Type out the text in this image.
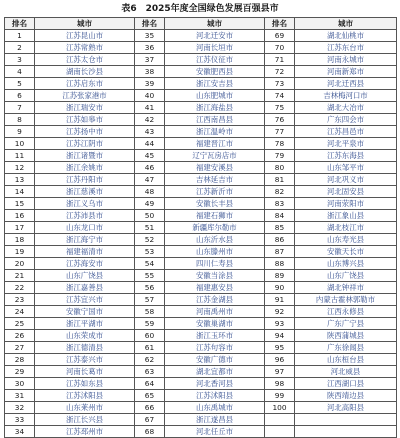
表6　2025年度全国绿色发展百强县市
排名	城市	排名	城市	排名	城市
1	江苏昆山市	35	河北迁安市	69	湖北仙桃市
2	江苏常熟市	36	河南长垣市	70	江苏东台市
3	江苏太仓市	37	江苏仪征市	71	河南永城市
4	湖南长沙县	38	安徽肥西县	72	河南新郑市
5	江苏启东市	39	浙江安吉县	73	河北迁西县
6	江苏张家港市	40	山东肥城市	74	吉林梅河口市
7	浙江瑞安市	41	浙江海盐县	75	湖北大冶市
8	江苏如皋市	42	江西南昌县	76	广东四会市
9	江苏扬中市	43	浙江温岭市	77	江苏昌邑市
10	江苏江阴市	44	福建晋江市	78	河北平泉市
11	浙江诸暨市	45	辽宁瓦房店市	79	江苏东海县
12	浙江余姚市	46	福建安溪县	80	山东邹平市
13	江苏丹阳市	47	吉林延吉市	81	河北巩义市
14	浙江慈溪市	48	江苏新沂市	82	河北固安县
15	浙江义乌市	49	安徽长丰县	83	河南荥阳市
16	江苏沛县市	50	福建石狮市	84	浙江象山县
17	山东龙口市	51	新疆库尔勒市	85	湖北枝江市
18	浙江海宁市	52	山东沂水县	86	山东寿光县
19	福建福清市	53	山东滕州市	87	安徽天长市
20	江苏海安市	54	四川仁寿县	88	山东博兴县
21	山东广饶县	55	安徽当涂县	89	山东广饶县
22	浙江嘉善县	56	福建惠安县	90	湖北钟祥市
23	江苏宜兴市	57	江苏金湖县	91	内蒙古霍林郭勒市
24	安徽宁国市	58	河南禹州市	92	江西永修县
25	浙江平湖市	59	安徽巢湖市	93	广东广宁县
26	山东荣成市	60	浙江玉环市	94	陕西蒲城县
27	浙江德清县	61	江苏句容市	95	广东徐闻县
28	江苏泰兴市	62	安徽广德市	96	山东桓台县
29	河南长葛市	63	湖北宜都市	97	河北威县
30	江苏如东县	64	河北香河县	98	江西湖口县
31	江苏沭阳县	65	江苏沭阳县	99	陕西靖边县
32	山东莱州市	66	山东禹城市	100	河北高阳县
33	浙江长兴县	67	浙江遂昌县		
34	江苏邳州市	68	河北任丘市		
